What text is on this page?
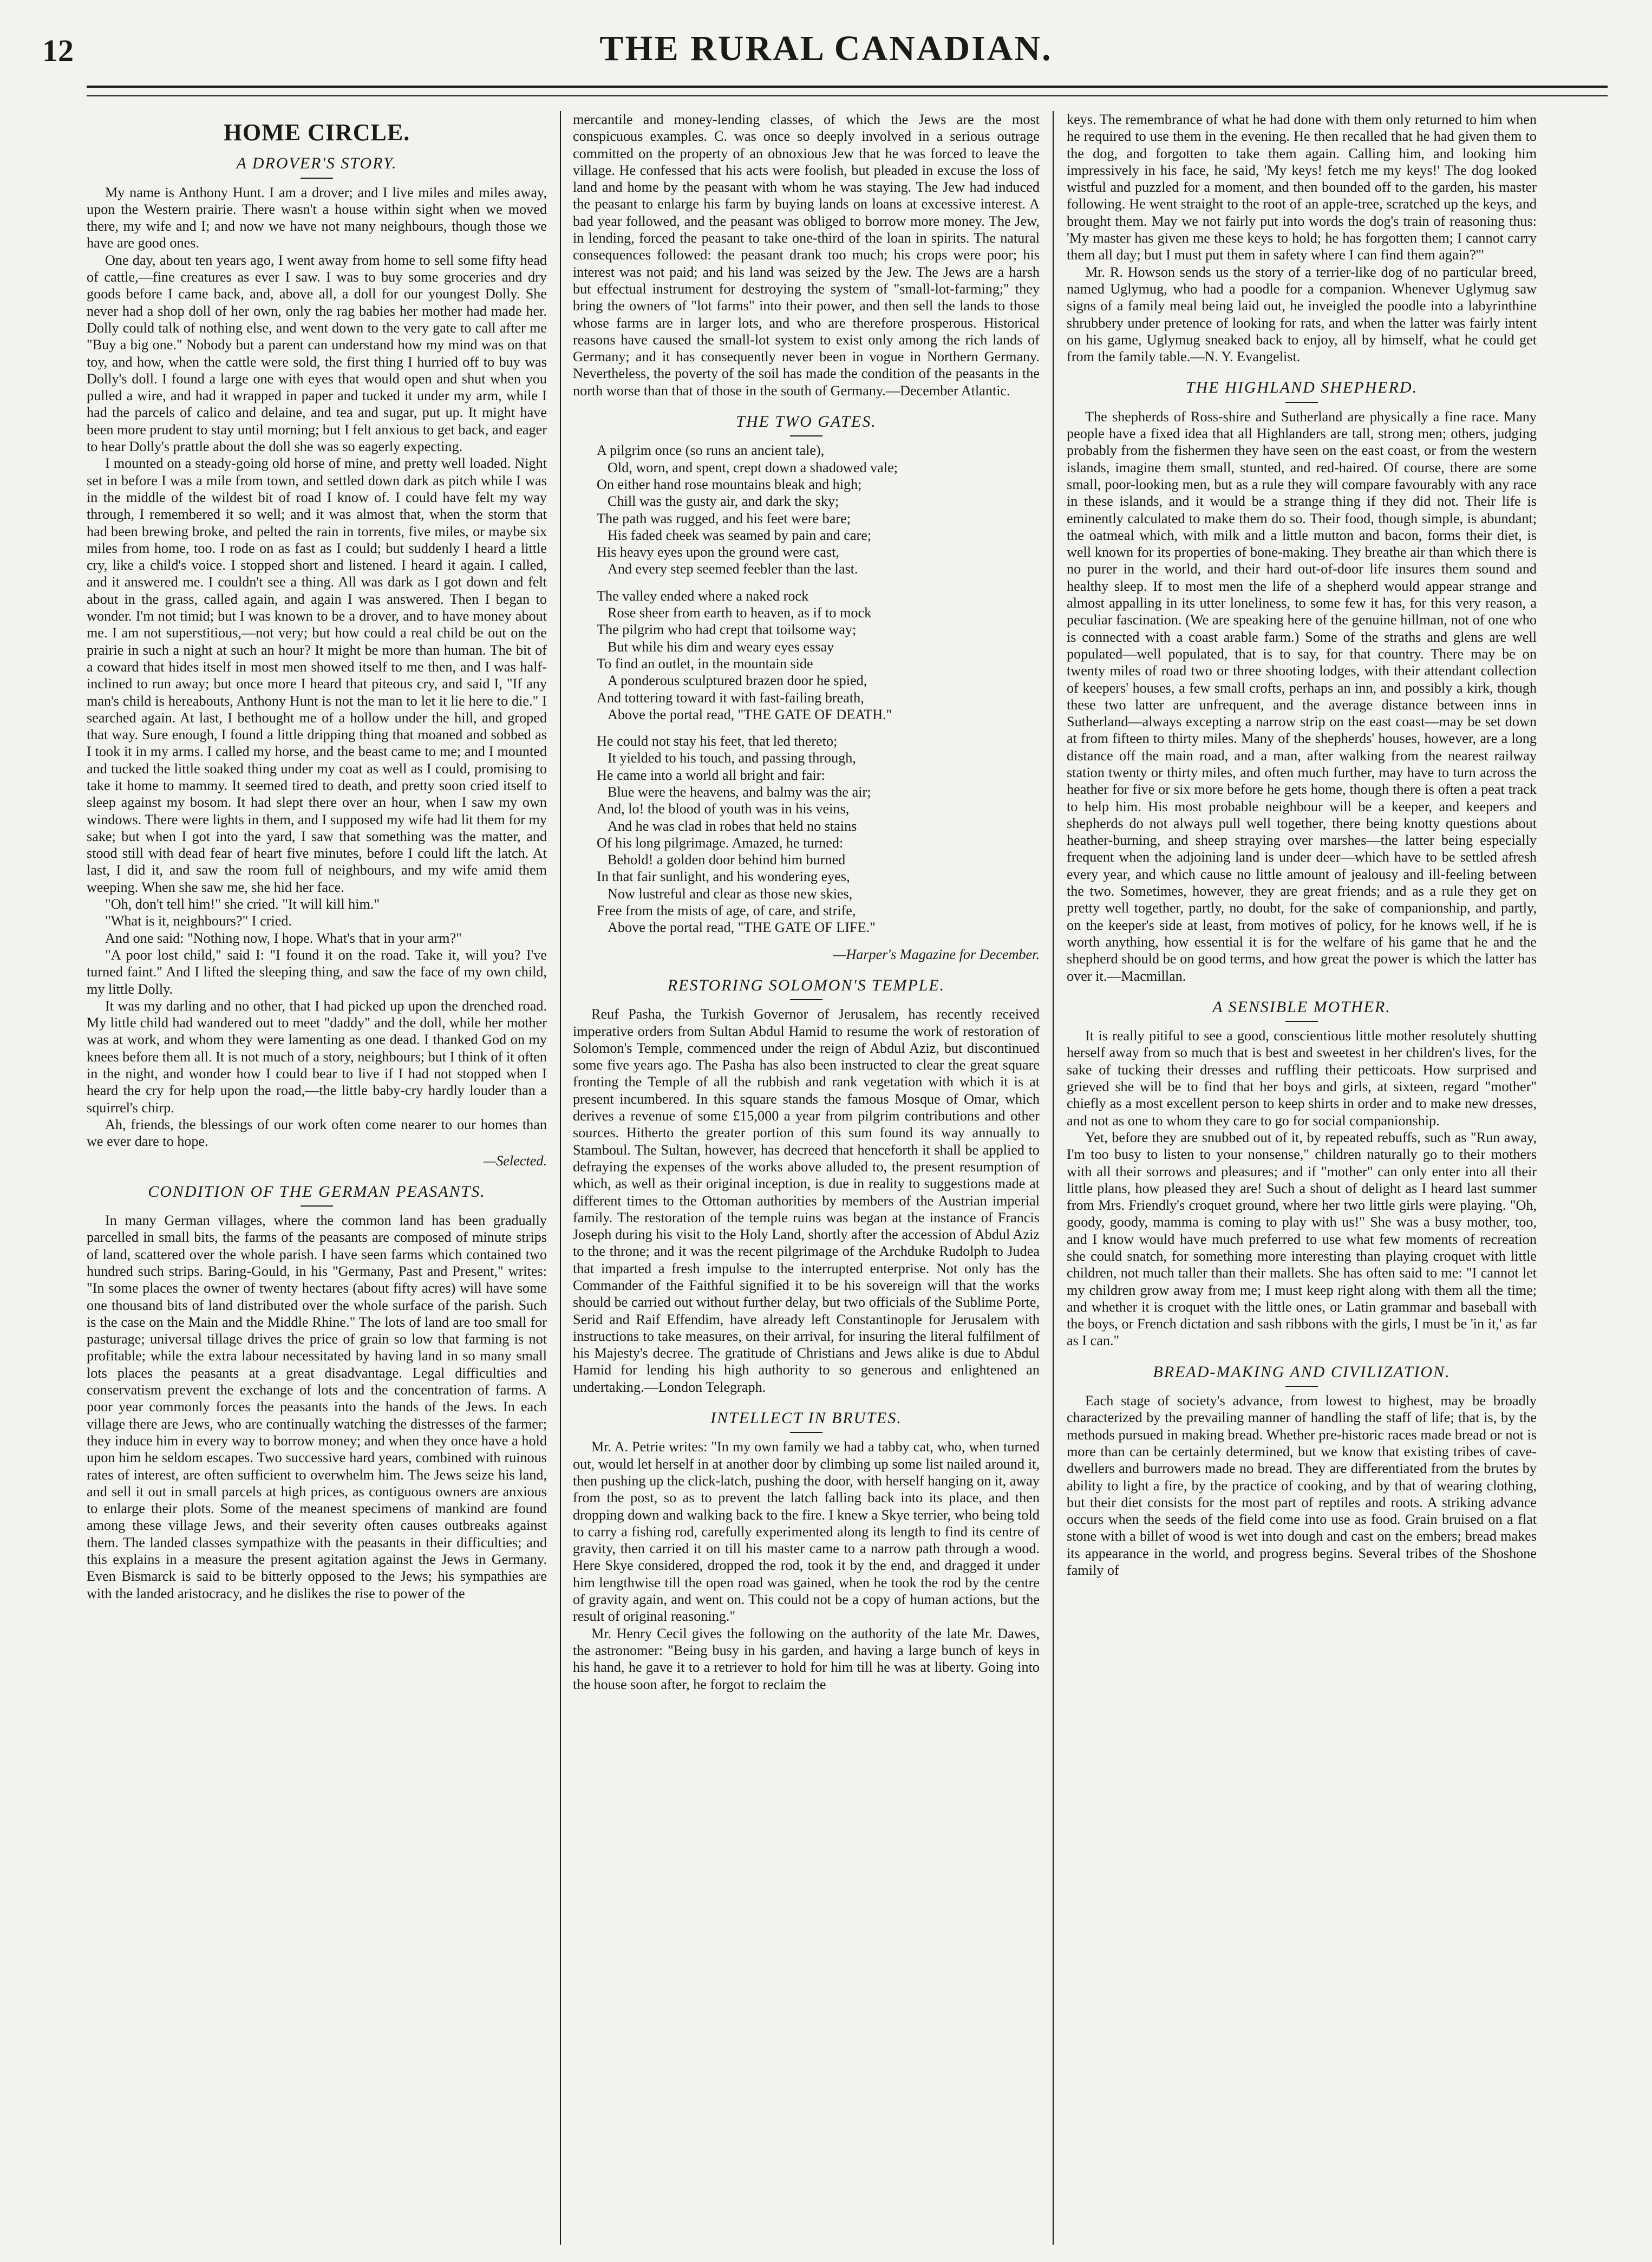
12	THE RURAL CANADIAN.
HOME CIRCLE.
A DROVER'S STORY.

My name is Anthony Hunt. I am a drover; and I live miles and miles away, upon the Western prairie. There wasn't a house within sight when we moved there, my wife and I; and now we have not many neighbours, though those we have are good ones.

One day, about ten years ago, I went away from home to sell some fifty head of cattle,—fine creatures as ever I saw. I was to buy some groceries and dry goods before I came back, and, above all, a doll for our youngest Dolly. She never had a shop doll of her own, only the rag babies her mother had made her. Dolly could talk of nothing else, and went down to the very gate to call after me "Buy a big one." Nobody but a parent can understand how my mind was on that toy, and how, when the cattle were sold, the first thing I hurried off to buy was Dolly's doll. I found a large one with eyes that would open and shut when you pulled a wire, and had it wrapped in paper and tucked it under my arm, while I had the parcels of calico and delaine, and tea and sugar, put up. It might have been more prudent to stay until morning; but I felt anxious to get back, and eager to hear Dolly's prattle about the doll she was so eagerly expecting.

I mounted on a steady-going old horse of mine, and pretty well loaded. Night set in before I was a mile from town, and settled down dark as pitch while I was in the middle of the wildest bit of road I know of. I could have felt my way through, I remembered it so well; and it was almost that, when the storm that had been brewing broke, and pelted the rain in torrents, five miles, or maybe six miles from home, too. I rode on as fast as I could; but suddenly I heard a little cry, like a child's voice. I stopped short and listened. I heard it again. I called, and it answered me. I couldn't see a thing. All was dark as I got down and felt about in the grass, called again, and again I was answered. Then I began to wonder. I'm not timid; but I was known to be a drover, and to have money about me. I am not superstitious,—not very; but how could a real child be out on the prairie in such a night at such an hour? It might be more than human. The bit of a coward that hides itself in most men showed itself to me then, and I was half-inclined to run away; but once more I heard that piteous cry, and said I, "If any man's child is hereabouts, Anthony Hunt is not the man to let it lie here to die." I searched again. At last, I bethought me of a hollow under the hill, and groped that way. Sure enough, I found a little dripping thing that moaned and sobbed as I took it in my arms. I called my horse, and the beast came to me; and I mounted and tucked the little soaked thing under my coat as well as I could, promising to take it home to mammy. It seemed tired to death, and pretty soon cried itself to sleep against my bosom. It had slept there over an hour, when I saw my own windows. There were lights in them, and I supposed my wife had lit them for my sake; but when I got into the yard, I saw that something was the matter, and stood still with dead fear of heart five minutes, before I could lift the latch. At last, I did it, and saw the room full of neighbours, and my wife amid them weeping. When she saw me, she hid her face.

"Oh, don't tell him!" she cried. "It will kill him."

"What is it, neighbours?" I cried.

And one said: "Nothing now, I hope. What's that in your arm?"

"A poor lost child," said I: "I found it on the road. Take it, will you? I've turned faint." And I lifted the sleeping thing, and saw the face of my own child, my little Dolly.

It was my darling and no other, that I had picked up upon the drenched road. My little child had wandered out to meet "daddy" and the doll, while her mother was at work, and whom they were lamenting as one dead. I thanked God on my knees before them all. It is not much of a story, neighbours; but I think of it often in the night, and wonder how I could bear to live if I had not stopped when I heard the cry for help upon the road,—the little baby-cry hardly louder than a squirrel's chirp.

Ah, friends, the blessings of our work often come nearer to our homes than we ever dare to hope.

—Selected.
CONDITION OF THE GERMAN PEASANTS.

In many German villages, where the common land has been gradually parcelled in small bits, the farms of the peasants are composed of minute strips of land, scattered over the whole parish. I have seen farms which contained two hundred such strips. Baring-Gould, in his "Germany, Past and Present," writes: "In some places the owner of twenty hectares (about fifty acres) will have some one thousand bits of land distributed over the whole surface of the parish. Such is the case on the Main and the Middle Rhine." The lots of land are too small for pasturage; universal tillage drives the price of grain so low that farming is not profitable; while the extra labour necessitated by having land in so many small lots places the peasants at a great disadvantage. Legal difficulties and conservatism prevent the exchange of lots and the concentration of farms. A poor year commonly forces the peasants into the hands of the Jews. In each village there are Jews, who are continually watching the distresses of the farmer; they induce him in every way to borrow money; and when they once have a hold upon him he seldom escapes. Two successive hard years, combined with ruinous rates of interest, are often sufficient to overwhelm him. The Jews seize his land, and sell it out in small parcels at high prices, as contiguous owners are anxious to enlarge their plots. Some of the meanest specimens of mankind are found among these village Jews, and their severity often causes outbreaks against them. The landed classes sympathize with the peasants in their difficulties; and this explains in a measure the present agitation against the Jews in Germany. Even Bismarck is said to be bitterly opposed to the Jews; his sympathies are with the landed aristocracy, and he dislikes the rise to power of the

mercantile and money-lending classes, of which the Jews are the most conspicuous examples. C. was once so deeply involved in a serious outrage committed on the property of an obnoxious Jew that he was forced to leave the village. He confessed that his acts were foolish, but pleaded in excuse the loss of land and home by the peasant with whom he was staying. The Jew had induced the peasant to enlarge his farm by buying lands on loans at excessive interest. A bad year followed, and the peasant was obliged to borrow more money. The Jew, in lending, forced the peasant to take one-third of the loan in spirits. The natural consequences followed: the peasant drank too much; his crops were poor; his interest was not paid; and his land was seized by the Jew. The Jews are a harsh but effectual instrument for destroying the system of "small-lot-farming;" they bring the owners of "lot farms" into their power, and then sell the lands to those whose farms are in larger lots, and who are therefore prosperous. Historical reasons have caused the small-lot system to exist only among the rich lands of Germany; and it has consequently never been in vogue in Northern Germany. Nevertheless, the poverty of the soil has made the condition of the peasants in the north worse than that of those in the south of Germany.—December Atlantic.

THE TWO GATES.
A pilgrim once (so runs an ancient tale),
Old, worn, and spent, crept down a shadowed vale;
On either hand rose mountains bleak and high;
Chill was the gusty air, and dark the sky;
The path was rugged, and his feet were bare;
His faded cheek was seamed by pain and care;
His heavy eyes upon the ground were cast,
And every step seemed feebler than the last.
The valley ended where a naked rock
Rose sheer from earth to heaven, as if to mock
The pilgrim who had crept that toilsome way;
But while his dim and weary eyes essay
To find an outlet, in the mountain side
A ponderous sculptured brazen door he spied,
And tottering toward it with fast-failing breath,
Above the portal read, "THE GATE OF DEATH."
He could not stay his feet, that led thereto;
It yielded to his touch, and passing through,
He came into a world all bright and fair:
Blue were the heavens, and balmy was the air;
And, lo! the blood of youth was in his veins,
And he was clad in robes that held no stains
Of his long pilgrimage. Amazed, he turned:
Behold! a golden door behind him burned
In that fair sunlight, and his wondering eyes,
Now lustreful and clear as those new skies,
Free from the mists of age, of care, and strife,
Above the portal read, "THE GATE OF LIFE."
—Harper's Magazine for December.
RESTORING SOLOMON'S TEMPLE.

Reuf Pasha, the Turkish Governor of Jerusalem, has recently received imperative orders from Sultan Abdul Hamid to resume the work of restoration of Solomon's Temple, commenced under the reign of Abdul Aziz, but discontinued some five years ago. The Pasha has also been instructed to clear the great square fronting the Temple of all the rubbish and rank vegetation with which it is at present incumbered. In this square stands the famous Mosque of Omar, which derives a revenue of some £15,000 a year from pilgrim contributions and other sources. Hitherto the greater portion of this sum found its way annually to Stamboul. The Sultan, however, has decreed that henceforth it shall be applied to defraying the expenses of the works above alluded to, the present resumption of which, as well as their original inception, is due in reality to suggestions made at different times to the Ottoman authorities by members of the Austrian imperial family. The restoration of the temple ruins was began at the instance of Francis Joseph during his visit to the Holy Land, shortly after the accession of Abdul Aziz to the throne; and it was the recent pilgrimage of the Archduke Rudolph to Judea that imparted a fresh impulse to the interrupted enterprise. Not only has the Commander of the Faithful signified it to be his sovereign will that the works should be carried out without further delay, but two officials of the Sublime Porte, Serid and Raif Effendim, have already left Constantinople for Jerusalem with instructions to take measures, on their arrival, for insuring the literal fulfilment of his Majesty's decree. The gratitude of Christians and Jews alike is due to Abdul Hamid for lending his high authority to so generous and enlightened an undertaking.—London Telegraph.

INTELLECT IN BRUTES.

Mr. A. Petrie writes: "In my own family we had a tabby cat, who, when turned out, would let herself in at another door by climbing up some list nailed around it, then pushing up the click-latch, pushing the door, with herself hanging on it, away from the post, so as to prevent the latch falling back into its place, and then dropping down and walking back to the fire. I knew a Skye terrier, who being told to carry a fishing rod, carefully experimented along its length to find its centre of gravity, then carried it on till his master came to a narrow path through a wood. Here Skye considered, dropped the rod, took it by the end, and dragged it under him lengthwise till the open road was gained, when he took the rod by the centre of gravity again, and went on. This could not be a copy of human actions, but the result of original reasoning."

Mr. Henry Cecil gives the following on the authority of the late Mr. Dawes, the astronomer: "Being busy in his garden, and having a large bunch of keys in his hand, he gave it to a retriever to hold for him till he was at liberty. Going into the house soon after, he forgot to reclaim the

keys. The remembrance of what he had done with them only returned to him when he required to use them in the evening. He then recalled that he had given them to the dog, and forgotten to take them again. Calling him, and looking him impressively in his face, he said, 'My keys! fetch me my keys!' The dog looked wistful and puzzled for a moment, and then bounded off to the garden, his master following. He went straight to the root of an apple-tree, scratched up the keys, and brought them. May we not fairly put into words the dog's train of reasoning thus: 'My master has given me these keys to hold; he has forgotten them; I cannot carry them all day; but I must put them in safety where I can find them again?'"

Mr. R. Howson sends us the story of a terrier-like dog of no particular breed, named Uglymug, who had a poodle for a companion. Whenever Uglymug saw signs of a family meal being laid out, he inveigled the poodle into a labyrinthine shrubbery under pretence of looking for rats, and when the latter was fairly intent on his game, Uglymug sneaked back to enjoy, all by himself, what he could get from the family table.—N. Y. Evangelist.

THE HIGHLAND SHEPHERD.

The shepherds of Ross-shire and Sutherland are physically a fine race. Many people have a fixed idea that all Highlanders are tall, strong men; others, judging probably from the fishermen they have seen on the east coast, or from the western islands, imagine them small, stunted, and red-haired. Of course, there are some small, poor-looking men, but as a rule they will compare favourably with any race in these islands, and it would be a strange thing if they did not. Their life is eminently calculated to make them do so. Their food, though simple, is abundant; the oatmeal which, with milk and a little mutton and bacon, forms their diet, is well known for its properties of bone-making. They breathe air than which there is no purer in the world, and their hard out-of-door life insures them sound and healthy sleep. If to most men the life of a shepherd would appear strange and almost appalling in its utter loneliness, to some few it has, for this very reason, a peculiar fascination. (We are speaking here of the genuine hillman, not of one who is connected with a coast arable farm.) Some of the straths and glens are well populated—well populated, that is to say, for that country. There may be on twenty miles of road two or three shooting lodges, with their attendant collection of keepers' houses, a few small crofts, perhaps an inn, and possibly a kirk, though these two latter are unfrequent, and the average distance between inns in Sutherland—always excepting a narrow strip on the east coast—may be set down at from fifteen to thirty miles. Many of the shepherds' houses, however, are a long distance off the main road, and a man, after walking from the nearest railway station twenty or thirty miles, and often much further, may have to turn across the heather for five or six more before he gets home, though there is often a peat track to help him. His most probable neighbour will be a keeper, and keepers and shepherds do not always pull well together, there being knotty questions about heather-burning, and sheep straying over marshes—the latter being especially frequent when the adjoining land is under deer—which have to be settled afresh every year, and which cause no little amount of jealousy and ill-feeling between the two. Sometimes, however, they are great friends; and as a rule they get on pretty well together, partly, no doubt, for the sake of companionship, and partly, on the keeper's side at least, from motives of policy, for he knows well, if he is worth anything, how essential it is for the welfare of his game that he and the shepherd should be on good terms, and how great the power is which the latter has over it.—Macmillan.

A SENSIBLE MOTHER.

It is really pitiful to see a good, conscientious little mother resolutely shutting herself away from so much that is best and sweetest in her children's lives, for the sake of tucking their dresses and ruffling their petticoats. How surprised and grieved she will be to find that her boys and girls, at sixteen, regard "mother" chiefly as a most excellent person to keep shirts in order and to make new dresses, and not as one to whom they care to go for social companionship.

Yet, before they are snubbed out of it, by repeated rebuffs, such as "Run away, I'm too busy to listen to your nonsense," children naturally go to their mothers with all their sorrows and pleasures; and if "mother" can only enter into all their little plans, how pleased they are! Such a shout of delight as I heard last summer from Mrs. Friendly's croquet ground, where her two little girls were playing. "Oh, goody, goody, mamma is coming to play with us!" She was a busy mother, too, and I know would have much preferred to use what few moments of recreation she could snatch, for something more interesting than playing croquet with little children, not much taller than their mallets. She has often said to me: "I cannot let my children grow away from me; I must keep right along with them all the time; and whether it is croquet with the little ones, or Latin grammar and baseball with the boys, or French dictation and sash ribbons with the girls, I must be 'in it,' as far as I can."

BREAD-MAKING AND CIVILIZATION.

Each stage of society's advance, from lowest to highest, may be broadly characterized by the prevailing manner of handling the staff of life; that is, by the methods pursued in making bread. Whether pre-historic races made bread or not is more than can be certainly determined, but we know that existing tribes of cave-dwellers and burrowers made no bread. They are differentiated from the brutes by ability to light a fire, by the practice of cooking, and by that of wearing clothing, but their diet consists for the most part of reptiles and roots. A striking advance occurs when the seeds of the field come into use as food. Grain bruised on a flat stone with a billet of wood is wet into dough and cast on the embers; bread makes its appearance in the world, and progress begins. Several tribes of the Shoshone family of
